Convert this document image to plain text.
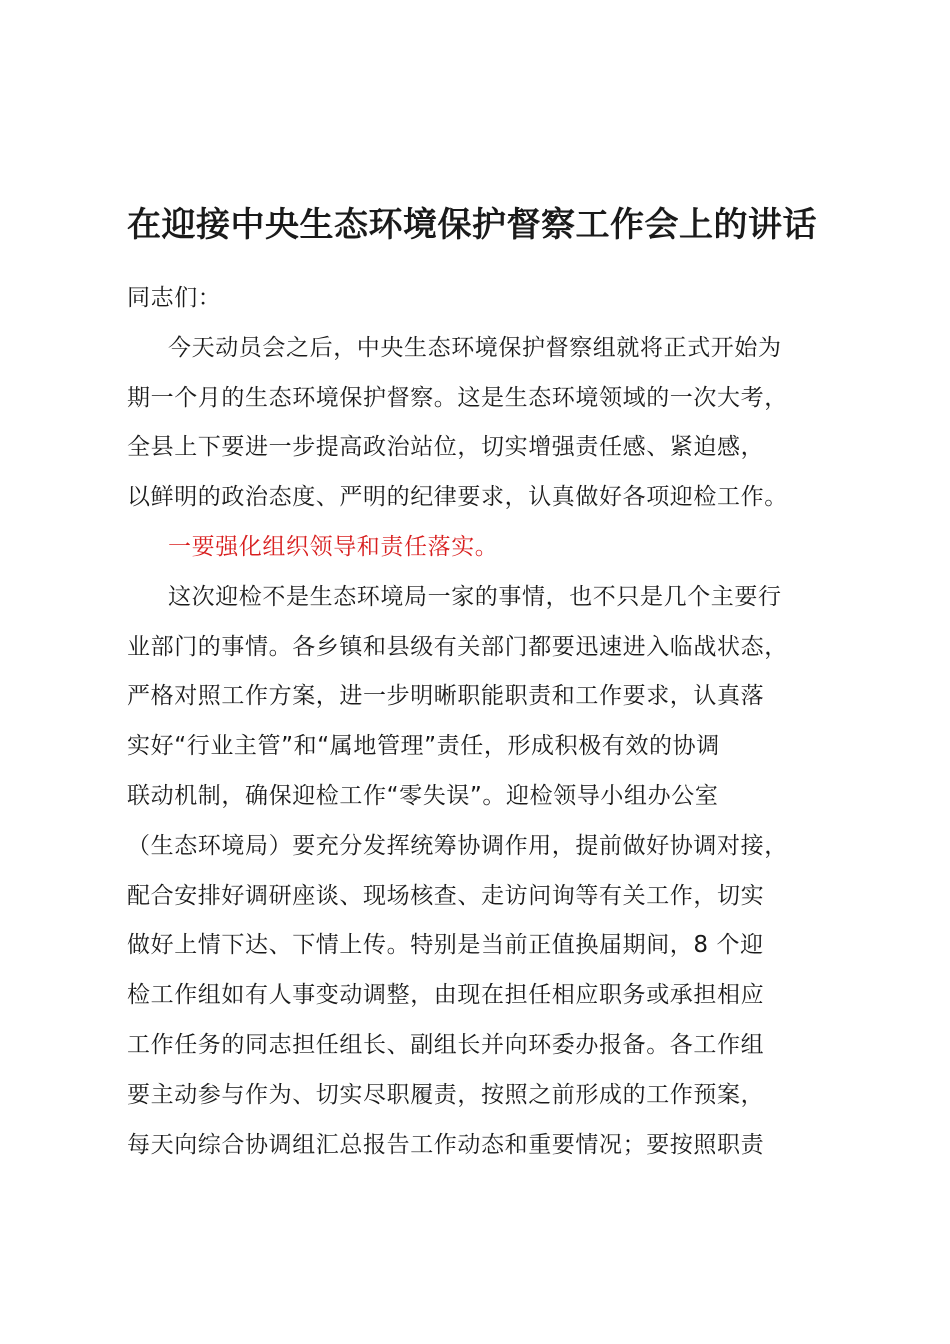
在迎接中央生态环境保护督察工作会上的讲话
同志们：
今天动员会之后，中央生态环境保护督察组就将正式开始为
期一个月的生态环境保护督察。这是生态环境领域的一次大考，
全县上下要进一步提高政治站位，切实增强责任感、紧迫感，
以鲜明的政治态度、严明的纪律要求，认真做好各项迎检工作。
一要强化组织领导和责任落实。
这次迎检不是生态环境局一家的事情，也不只是几个主要行
业部门的事情。各乡镇和县级有关部门都要迅速进入临战状态，
严格对照工作方案，进一步明晰职能职责和工作要求，认真落
实好“行业主管”和“属地管理”责任，形成积极有效的协调
联动机制，确保迎检工作“零失误”。迎检领导小组办公室
（生态环境局）要充分发挥统筹协调作用，提前做好协调对接，
配合安排好调研座谈、现场核查、走访问询等有关工作，切实
做好上情下达、下情上传。特别是当前正值换届期间，8 个迎
检工作组如有人事变动调整，由现在担任相应职务或承担相应
工作任务的同志担任组长、副组长并向环委办报备。各工作组
要主动参与作为、切实尽职履责，按照之前形成的工作预案，
每天向综合协调组汇总报告工作动态和重要情况；要按照职责
